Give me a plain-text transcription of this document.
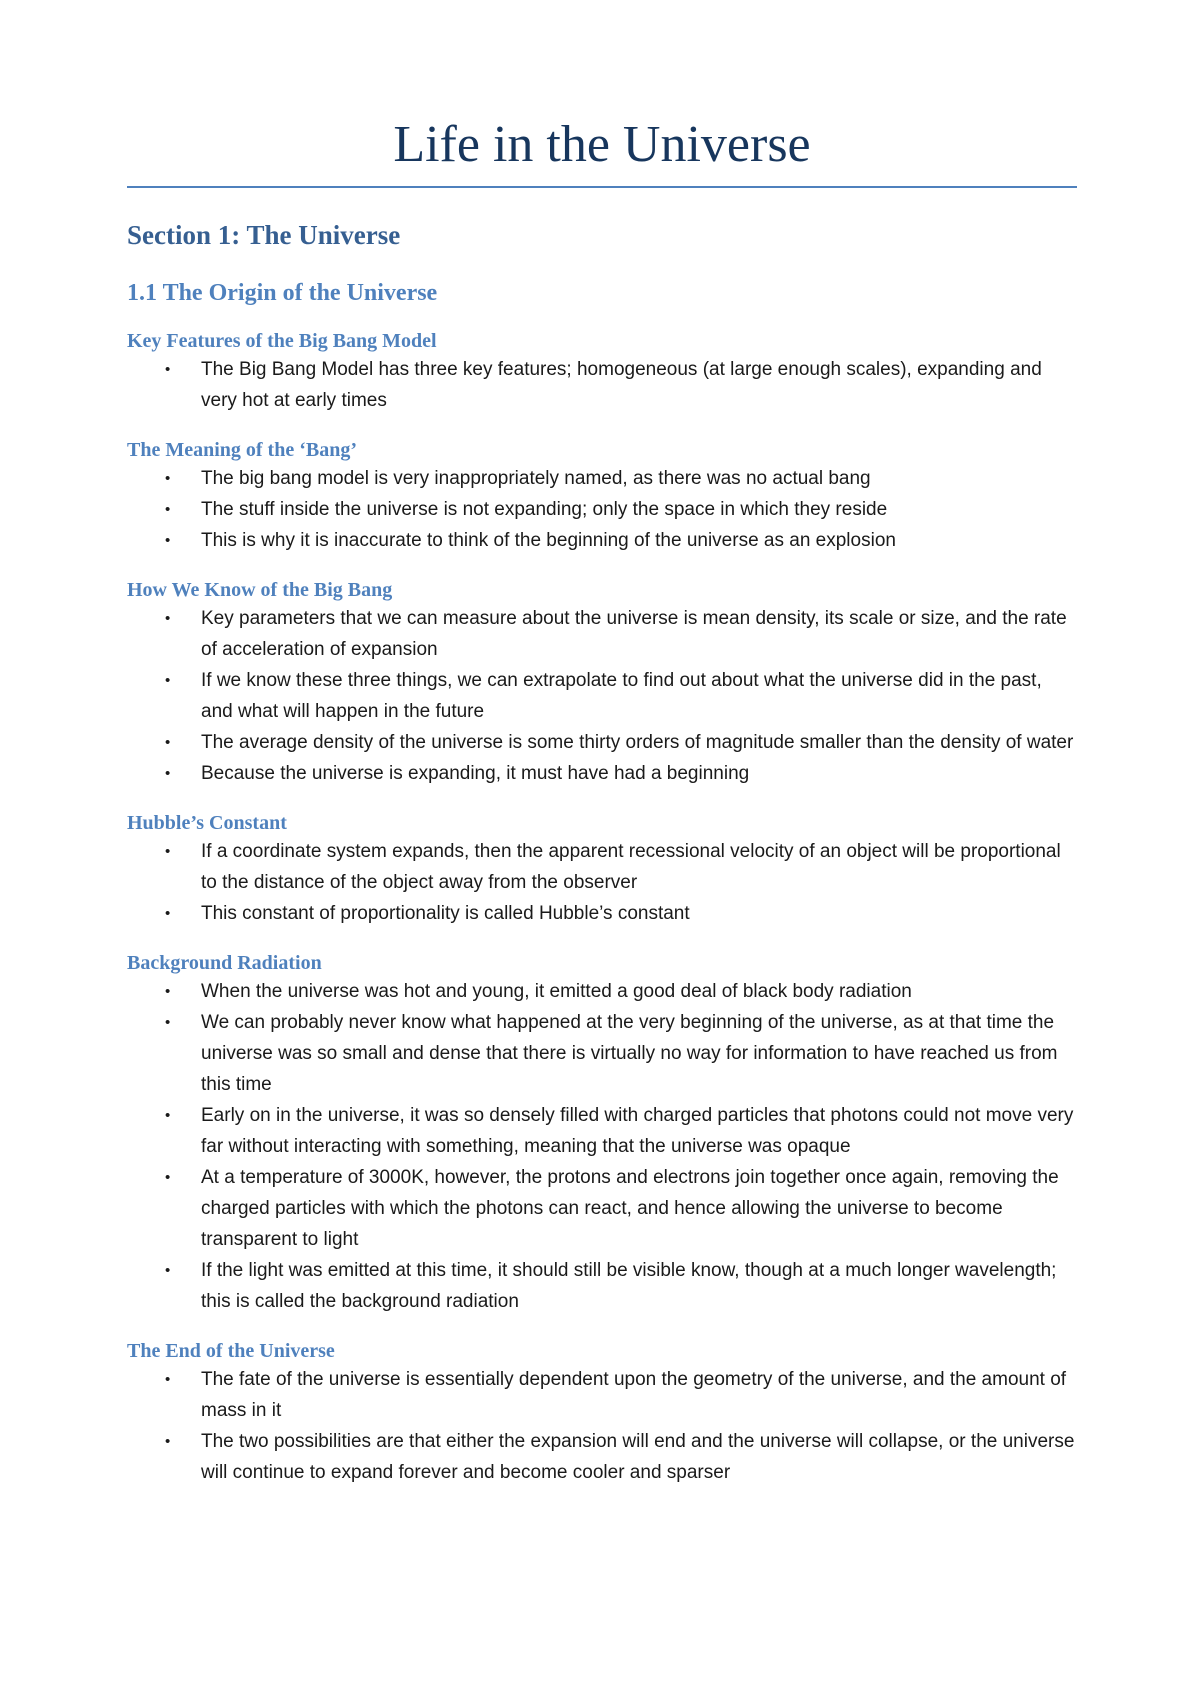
Life in the Universe
Section 1: The Universe
1.1 The Origin of the Universe
Key Features of the Big Bang Model
• The Big Bang Model has three key features; homogeneous (at large enough scales), expanding and very hot at early times
The Meaning of the ‘Bang’
• The big bang model is very inappropriately named, as there was no actual bang
• The stuff inside the universe is not expanding; only the space in which they reside
• This is why it is inaccurate to think of the beginning of the universe as an explosion
How We Know of the Big Bang
• Key parameters that we can measure about the universe is mean density, its scale or size, and the rate of acceleration of expansion
• If we know these three things, we can extrapolate to find out about what the universe did in the past, and what will happen in the future
• The average density of the universe is some thirty orders of magnitude smaller than the density of water
• Because the universe is expanding, it must have had a beginning
Hubble’s Constant
• If a coordinate system expands, then the apparent recessional velocity of an object will be proportional to the distance of the object away from the observer
• This constant of proportionality is called Hubble’s constant
Background Radiation
• When the universe was hot and young, it emitted a good deal of black body radiation
• We can probably never know what happened at the very beginning of the universe, as at that time the universe was so small and dense that there is virtually no way for information to have reached us from this time
• Early on in the universe, it was so densely filled with charged particles that photons could not move very far without interacting with something, meaning that the universe was opaque
• At a temperature of 3000K, however, the protons and electrons join together once again, removing the charged particles with which the photons can react, and hence allowing the universe to become transparent to light
• If the light was emitted at this time, it should still be visible know, though at a much longer wavelength; this is called the background radiation
The End of the Universe
• The fate of the universe is essentially dependent upon the geometry of the universe, and the amount of mass in it
• The two possibilities are that either the expansion will end and the universe will collapse, or the universe will continue to expand forever and become cooler and sparser
